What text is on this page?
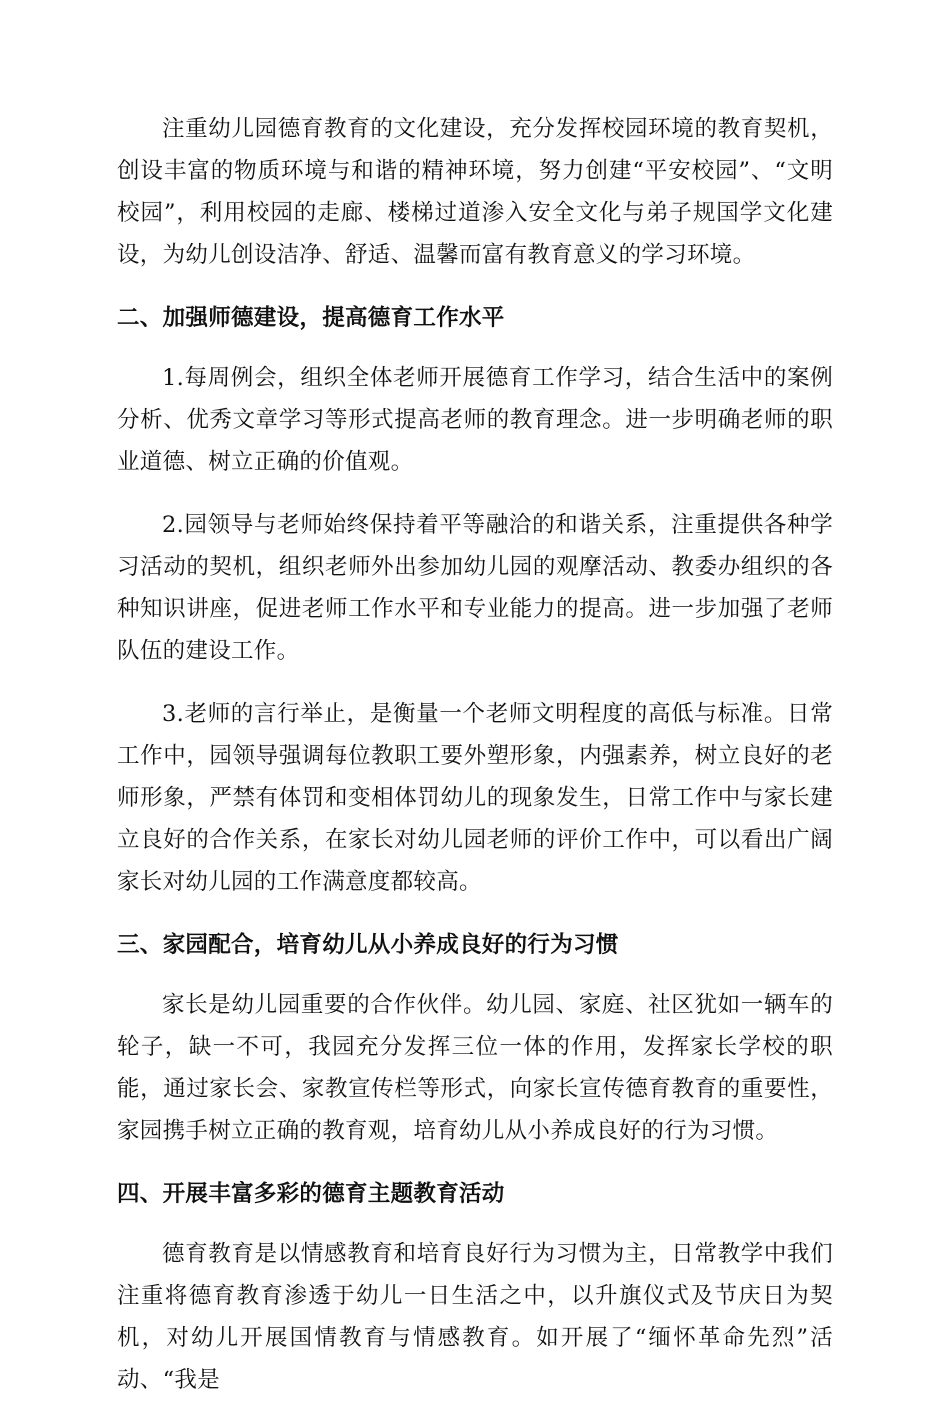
注重幼儿园德育教育的文化建设，充分发挥校园环境的教育契机，创设丰富的物质环境与和谐的精神环境，努力创建“平安校园”、“文明校园”，利用校园的走廊、楼梯过道渗入安全文化与弟子规国学文化建设，为幼儿创设洁净、舒适、温馨而富有教育意义的学习环境。

二、加强师德建设，提高德育工作水平

1.每周例会，组织全体老师开展德育工作学习，结合生活中的案例分析、优秀文章学习等形式提高老师的教育理念。进一步明确老师的职业道德、树立正确的价值观。

2.园领导与老师始终保持着平等融洽的和谐关系，注重提供各种学习活动的契机，组织老师外出参加幼儿园的观摩活动、教委办组织的各种知识讲座，促进老师工作水平和专业能力的提高。进一步加强了老师队伍的建设工作。

3.老师的言行举止，是衡量一个老师文明程度的高低与标准。日常工作中，园领导强调每位教职工要外塑形象，内强素养，树立良好的老师形象，严禁有体罚和变相体罚幼儿的现象发生，日常工作中与家长建立良好的合作关系，在家长对幼儿园老师的评价工作中，可以看出广阔家长对幼儿园的工作满意度都较高。

三、家园配合，培育幼儿从小养成良好的行为习惯

家长是幼儿园重要的合作伙伴。幼儿园、家庭、社区犹如一辆车的轮子，缺一不可，我园充分发挥三位一体的作用，发挥家长学校的职能，通过家长会、家教宣传栏等形式，向家长宣传德育教育的重要性，家园携手树立正确的教育观，培育幼儿从小养成良好的行为习惯。

四、开展丰富多彩的德育主题教育活动

德育教育是以情感教育和培育良好行为习惯为主，日常教学中我们注重将德育教育渗透于幼儿一日生活之中，以升旗仪式及节庆日为契机，对幼儿开展国情教育与情感教育。如开展了“缅怀革命先烈”活动、“我是
